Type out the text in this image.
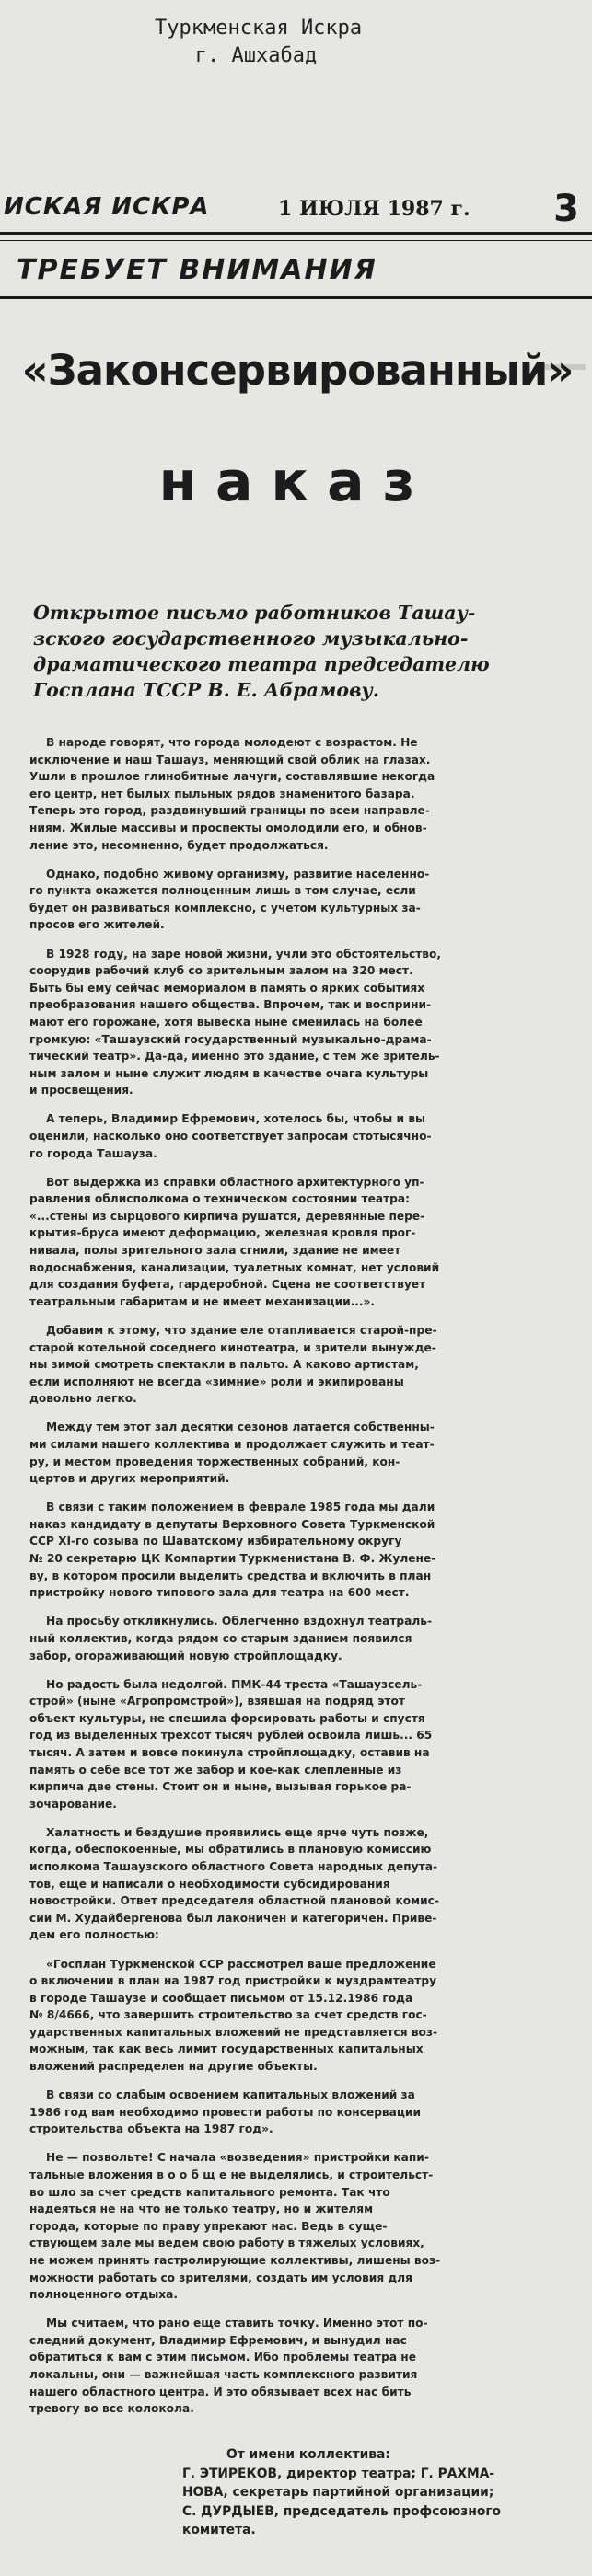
Туркменская Искра
г. Ашхабад
ИСКАЯ ИСКРА	1 ИЮЛЯ 1987 г. 3
ТРЕБУЕТ ВНИМАНИЯ
«Законсервированный»
наказ
Открытое письмо работников Ташау-
зского государственного музыкально-
драматического театра председателю
Госплана ТССР В. Е. Абрамову.
В народе говорят, что города молодеют с возрастом. Не
исключение и наш Ташауз, меняющий свой облик на глазах.
Ушли в прошлое глинобитные лачуги, составлявшие некогда
его центр, нет былых пыльных рядов знаменитого базара.
Теперь это город, раздвинувший границы по всем направле-
ниям. Жилые массивы и проспекты омолодили его, и обнов-
ление это, несомненно, будет продолжаться.
Однако, подобно живому организму, развитие населенно-
го пункта окажется полноценным лишь в том случае, если
будет он развиваться комплексно, с учетом культурных за-
просов его жителей.
В 1928 году, на заре новой жизни, учли это обстоятельство,
соорудив рабочий клуб со зрительным залом на 320 мест.
Быть бы ему сейчас мемориалом в память о ярких событиях
преобразования нашего общества. Впрочем, так и восприни-
мают его горожане, хотя вывеска ныне сменилась на более
громкую: «Ташаузский государственный музыкально-драма-
тический театр». Да-да, именно это здание, с тем же зритель-
ным залом и ныне служит людям в качестве очага культуры
и просвещения.
А теперь, Владимир Ефремович, хотелось бы, чтобы и вы
оценили, насколько оно соответствует запросам стотысячно-
го города Ташауза.
Вот выдержка из справки областного архитектурного уп-
равления облисполкома о техническом состоянии театра:
«...стены из сырцового кирпича рушатся, деревянные пере-
крытия-бруса имеют деформацию, железная кровля прог-
нивала, полы зрительного зала сгнили, здание не имеет
водоснабжения, канализации, туалетных комнат, нет условий
для создания буфета, гардеробной. Сцена не соответствует
театральным габаритам и не имеет механизации...».
Добавим к этому, что здание еле отапливается старой-пре-
старой котельной соседнего кинотеатра, и зрители вынужде-
ны зимой смотреть спектакли в пальто. А каково артистам,
если исполняют не всегда «зимние» роли и экипированы
довольно легко.
Между тем этот зал десятки сезонов латается собственны-
ми силами нашего коллектива и продолжает служить и теат-
ру, и местом проведения торжественных собраний, кон-
цертов и других мероприятий.
В связи с таким положением в феврале 1985 года мы дали
наказ кандидату в депутаты Верховного Совета Туркменской
ССР XI-го созыва по Шаватскому избирательному округу
№ 20 секретарю ЦК Компартии Туркменистана В. Ф. Жулене-
ву, в котором просили выделить средства и включить в план
пристройку нового типового зала для театра на 600 мест.
На просьбу откликнулись. Облегченно вздохнул театраль-
ный коллектив, когда рядом со старым зданием появился
забор, огораживающий новую стройплощадку.
Но радость была недолгой. ПМК-44 треста «Ташаузсель-
строй» (ныне «Агропромстрой»), взявшая на подряд этот
объект культуры, не спешила форсировать работы и спустя
год из выделенных трехсот тысяч рублей освоила лишь... 65
тысяч. А затем и вовсе покинула стройплощадку, оставив на
память о себе все тот же забор и кое-как слепленные из
кирпича две стены. Стоит он и ныне, вызывая горькое ра-
зочарование.
Халатность и бездушие проявились еще ярче чуть позже,
когда, обеспокоенные, мы обратились в плановую комиссию
исполкома Ташаузского областного Совета народных депута-
тов, еще и написали о необходимости субсидирования
новостройки. Ответ председателя областной плановой комис-
сии М. Худайбергенова был лаконичен и категоричен. Приве-
дем его полностью:
«Госплан Туркменской ССР рассмотрел ваше предложение
о включении в план на 1987 год пристройки к муздрамтеатру
в городе Ташаузе и сообщает письмом от 15.12.1986 года
№ 8/4666, что завершить строительство за счет средств гос-
ударственных капитальных вложений не представляется воз-
можным, так как весь лимит государственных капитальных
вложений распределен на другие объекты.
В связи со слабым освоением капитальных вложений за
1986 год вам необходимо провести работы по консервации
строительства объекта на 1987 год».
Не — позвольте! С начала «возведения» пристройки капи-
тальные вложения в о о б щ е не выделялись, и строительст-
во шло за счет средств капитального ремонта. Так что
надеяться не на что не только театру, но и жителям
города, которые по праву упрекают нас. Ведь в суще-
ствующем зале мы ведем свою работу в тяжелых условиях,
не можем принять гастролирующие коллективы, лишены воз-
можности работать со зрителями, создать им условия для
полноценного отдыха.
Мы считаем, что рано еще ставить точку. Именно этот по-
следний документ, Владимир Ефремович, и вынудил нас
обратиться к вам с этим письмом. Ибо проблемы театра не
локальны, они — важнейшая часть комплексного развития
нашего областного центра. И это обязывает всех нас бить
тревогу во все колокола.
От имени коллектива:
Г. ЭТИРЕКОВ, директор театра; Г. РАХМА-
НОВА, секретарь партийной организации;
С. ДУРДЫЕВ, председатель профсоюзного
комитета.
